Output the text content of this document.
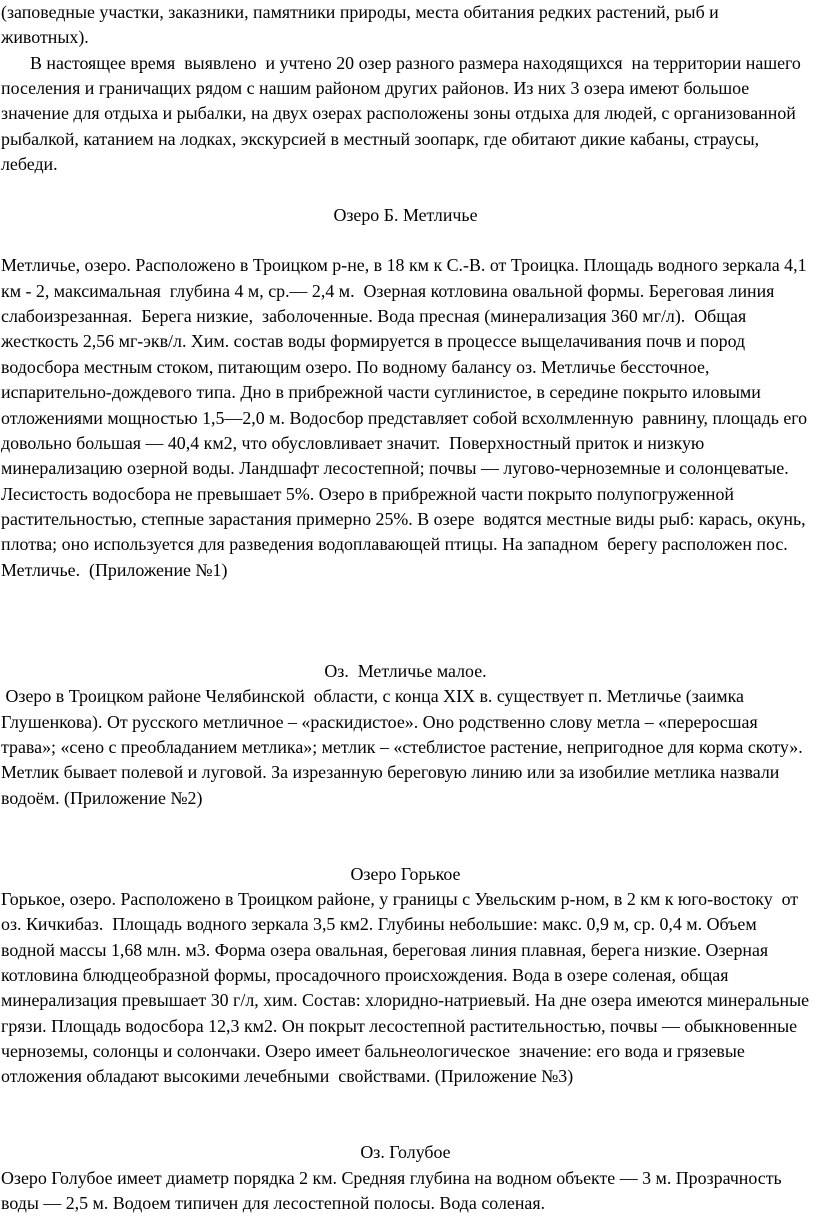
(заповедные участки, заказники, памятники природы, места обитания редких растений, рыб и  животных).

В настоящее время  выявлено  и учтено 20 озер разного размера находящихся  на территории нашего поселения и граничащих рядом с нашим районом других районов. Из них 3 озера имеют большое значение для отдыха и рыбалки, на двух озерах расположены зоны отдыха для людей, с организованной рыбалкой, катанием на лодках, экскурсией в местный зоопарк, где обитают дикие кабаны, страусы, лебеди.

Озеро Б. Метличье

Метличье, озеро. Расположено в Троицком р-не, в 18 км к С.-В. от Троицка. Площадь водного зеркала 4,1 км - 2, максимальная  глубина 4 м, ср.— 2,4 м.  Озерная котловина овальной формы. Береговая линия слабоизрезанная.  Берега низкие,  заболоченные. Вода пресная (минерализация 360 мг/л).  Общая жесткость 2,56 мг-экв/л. Хим. состав воды формируется в процессе выщелачивания почв и пород водосбора местным стоком, питающим озеро. По водному балансу оз. Метличье бессточное, испарительно-дождевого типа. Дно в прибрежной части суглинистое, в середине покрыто иловыми отложениями мощностью 1,5—2,0 м. Водосбор представляет собой всхолмленную  равнину, площадь его довольно большая — 40,4 км2, что обусловливает значит.  Поверхностный приток и низкую минерализацию озерной воды. Ландшафт лесостепной; почвы — лугово-черноземные и солонцеватые. Лесистость водосбора не превышает 5%. Озеро в прибрежной части покрыто полупогруженной  растительностью, степные зарастания примерно 25%. В озере  водятся местные виды рыб: карась, окунь, плотва; оно используется для разведения водоплавающей птицы. На западном  берегу расположен пос. Метличье.  (Приложение №1)

Оз.  Метличье малое.

Озеро в Троицком районе Челябинской  области, с конца XIX в. существует п. Метличье (заимка Глушенкова). От русского метличное – «раскидистое». Оно родственно слову метла – «переросшая трава»; «сено с преобладанием метлика»; метлик – «стеблистое растение, непригодное для корма скоту». Метлик бывает полевой и луговой. За изрезанную береговую линию или за изобилие метлика назвали водоём. (Приложение №2)

Озеро Горькое

Горькое, озеро. Расположено в Троицком районе, у границы с Увельским р-ном, в 2 км к юго-востоку  от оз. Кичкибаз.  Площадь водного зеркала 3,5 км2. Глубины небольшие: макс. 0,9 м, ср. 0,4 м. Объем водной массы 1,68 млн. м3. Форма озера овальная, береговая линия плавная, берега низкие. Озерная котловина блюдцеобразной формы, просадочного происхождения. Вода в озере соленая, общая минерализация превышает 30 г/л, хим. Состав: хлоридно-натриевый. На дне озера имеются минеральные грязи. Площадь водосбора 12,3 км2. Он покрыт лесостепной растительностью, почвы — обыкновенные черноземы, солонцы и солончаки. Озеро имеет бальнеологическое  значение: его вода и грязевые отложения обладают высокими лечебными  свойствами. (Приложение №3)

Оз. Голубое

Озеро Голубое имеет диаметр порядка 2 км. Средняя глубина на водном объекте — 3 м. Прозрачность воды — 2,5 м. Водоем типичен для лесостепной полосы. Вода соленая.
